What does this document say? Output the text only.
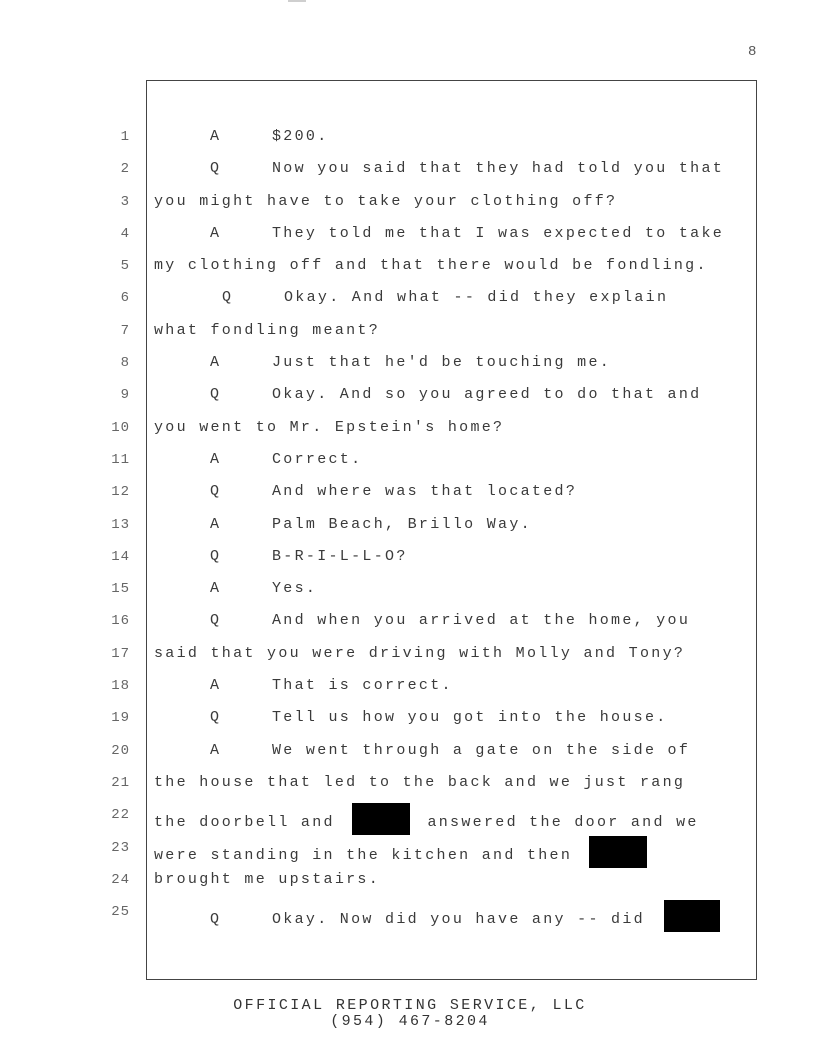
8
1
2
3
4
5
6
7
8
9
10
11
12
13
14
15
16
17
18
19
20
21
22
23
24
25
A	$200.
Q	Now you said that they had told you that
you might have to take your clothing off?
A	They told me that I was expected to take
my clothing off and that there would be fondling.
Q	Okay. And what -- did they explain
what fondling meant?
A	Just that he'd be touching me.
Q	Okay. And so you agreed to do that and
you went to Mr. Epstein's home?
A	Correct.
Q	And where was that located?
A	Palm Beach, Brillo Way.
Q	B-R-I-L-L-O?
A	Yes.
Q	And when you arrived at the home, you
said that you were driving with Molly and Tony?
A	That is correct.
Q	Tell us how you got into the house.
A	We went through a gate on the side of
the house that led to the back and we just rang
the doorbell and	answered the door and we
were standing in the kitchen and then
brought me upstairs.
Q	Okay. Now did you have any -- did
OFFICIAL REPORTING SERVICE, LLC
(954) 467-8204
